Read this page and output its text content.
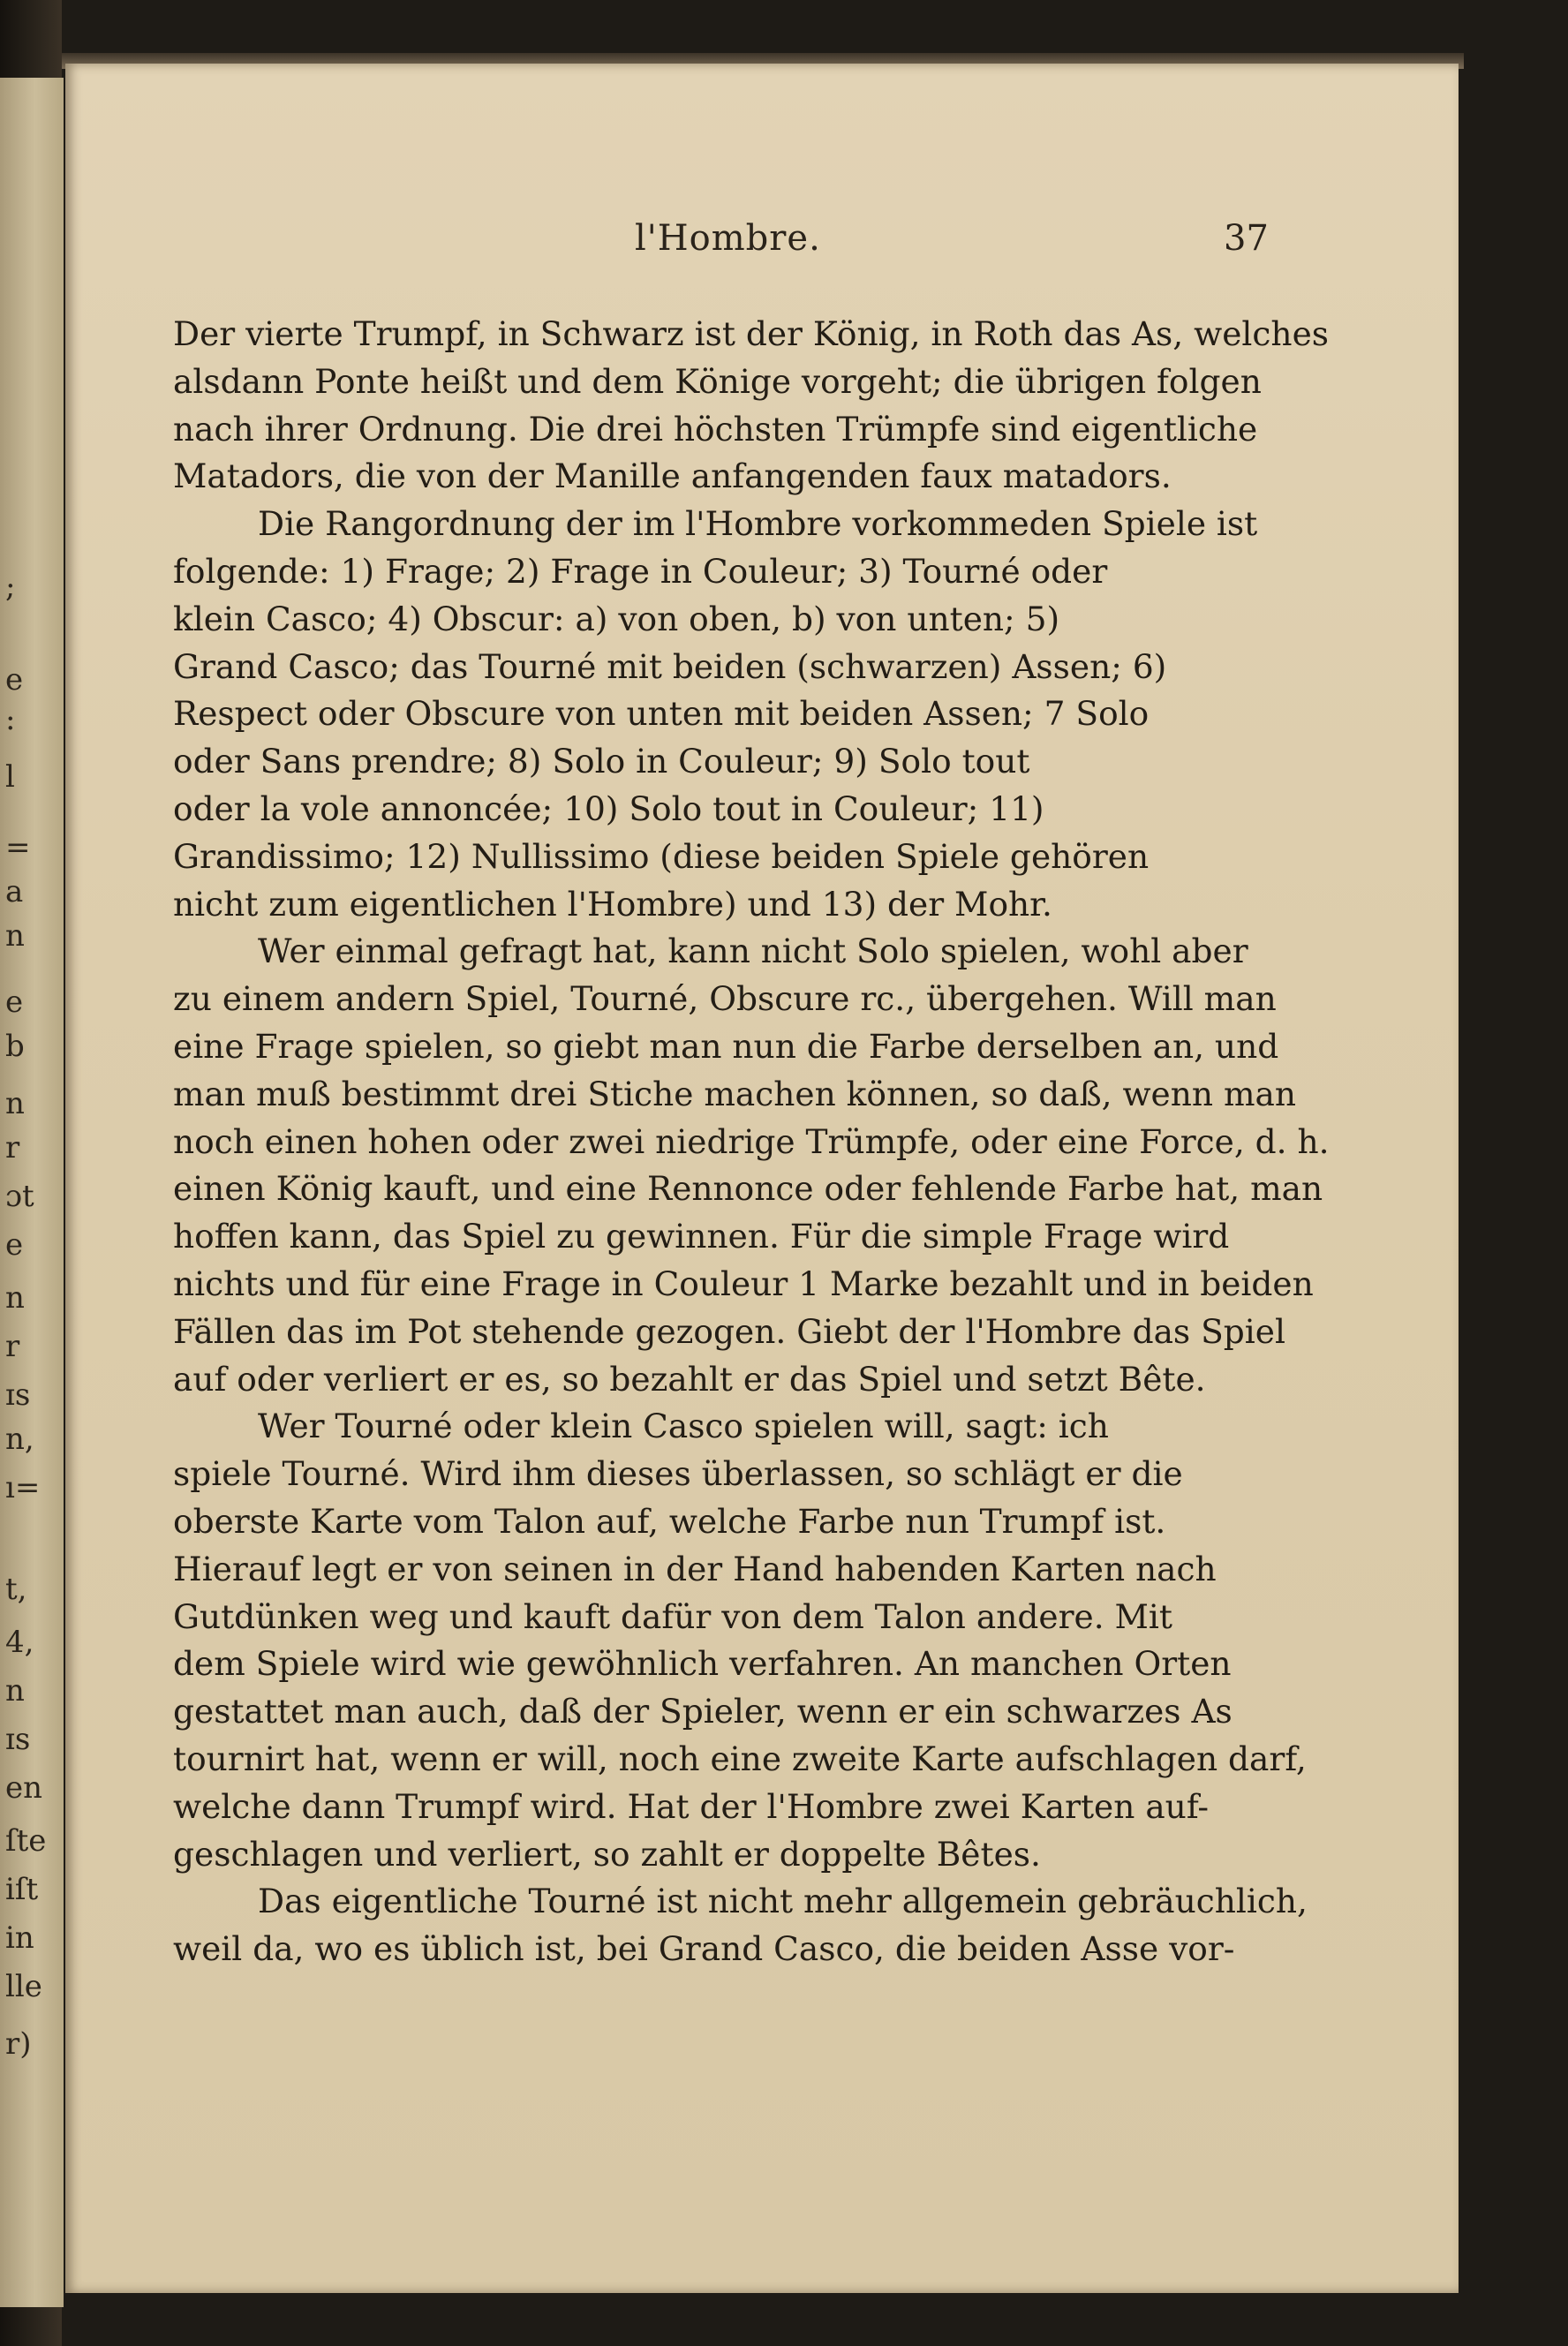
;
e
:
l
=
a
n
e
b
n
r
ɔt
e
n
r
ɪs
n,
ı=
t,
4,
n
ɪs
en
ſte
iſt
in
lle
r)
l'Hombre.	37

Der vierte Trumpf, in Schwarz ist der König, in Roth das As, welches
alsdann Ponte heißt und dem Könige vorgeht; die übrigen folgen
nach ihrer Ordnung. Die drei höchsten Trümpfe sind eigentliche
Matadors, die von der Manille anfangenden faux matadors.

Die Rangordnung der im l'Hombre vorkommeden Spiele ist
folgende: 1) Frage; 2) Frage in Couleur; 3) Tourné oder
klein Casco; 4) Obscur: a) von oben, b) von unten; 5)
Grand Casco; das Tourné mit beiden (schwarzen) Assen; 6)
Respect oder Obscure von unten mit beiden Assen; 7 Solo
oder Sans prendre; 8) Solo in Couleur; 9) Solo tout
oder la vole annoncée; 10) Solo tout in Couleur; 11)
Grandissimo; 12) Nullissimo (diese beiden Spiele gehören
nicht zum eigentlichen l'Hombre) und 13) der Mohr.

Wer einmal gefragt hat, kann nicht Solo spielen, wohl aber
zu einem andern Spiel, Tourné, Obscure rc., übergehen. Will man
eine Frage spielen, so giebt man nun die Farbe derselben an, und
man muß bestimmt drei Stiche machen können, so daß, wenn man
noch einen hohen oder zwei niedrige Trümpfe, oder eine Force, d. h.
einen König kauft, und eine Rennonce oder fehlende Farbe hat, man
hoffen kann, das Spiel zu gewinnen. Für die simple Frage wird
nichts und für eine Frage in Couleur 1 Marke bezahlt und in beiden
Fällen das im Pot stehende gezogen. Giebt der l'Hombre das Spiel
auf oder verliert er es, so bezahlt er das Spiel und setzt Bête.

Wer Tourné oder klein Casco spielen will, sagt: ich
spiele Tourné. Wird ihm dieses überlassen, so schlägt er die
oberste Karte vom Talon auf, welche Farbe nun Trumpf ist.
Hierauf legt er von seinen in der Hand habenden Karten nach
Gutdünken weg und kauft dafür von dem Talon andere. Mit
dem Spiele wird wie gewöhnlich verfahren. An manchen Orten
gestattet man auch, daß der Spieler, wenn er ein schwarzes As
tournirt hat, wenn er will, noch eine zweite Karte aufschlagen darf,
welche dann Trumpf wird. Hat der l'Hombre zwei Karten auf-
geschlagen und verliert, so zahlt er doppelte Bêtes.

Das eigentliche Tourné ist nicht mehr allgemein gebräuchlich,
weil da, wo es üblich ist, bei Grand Casco, die beiden Asse vor-
